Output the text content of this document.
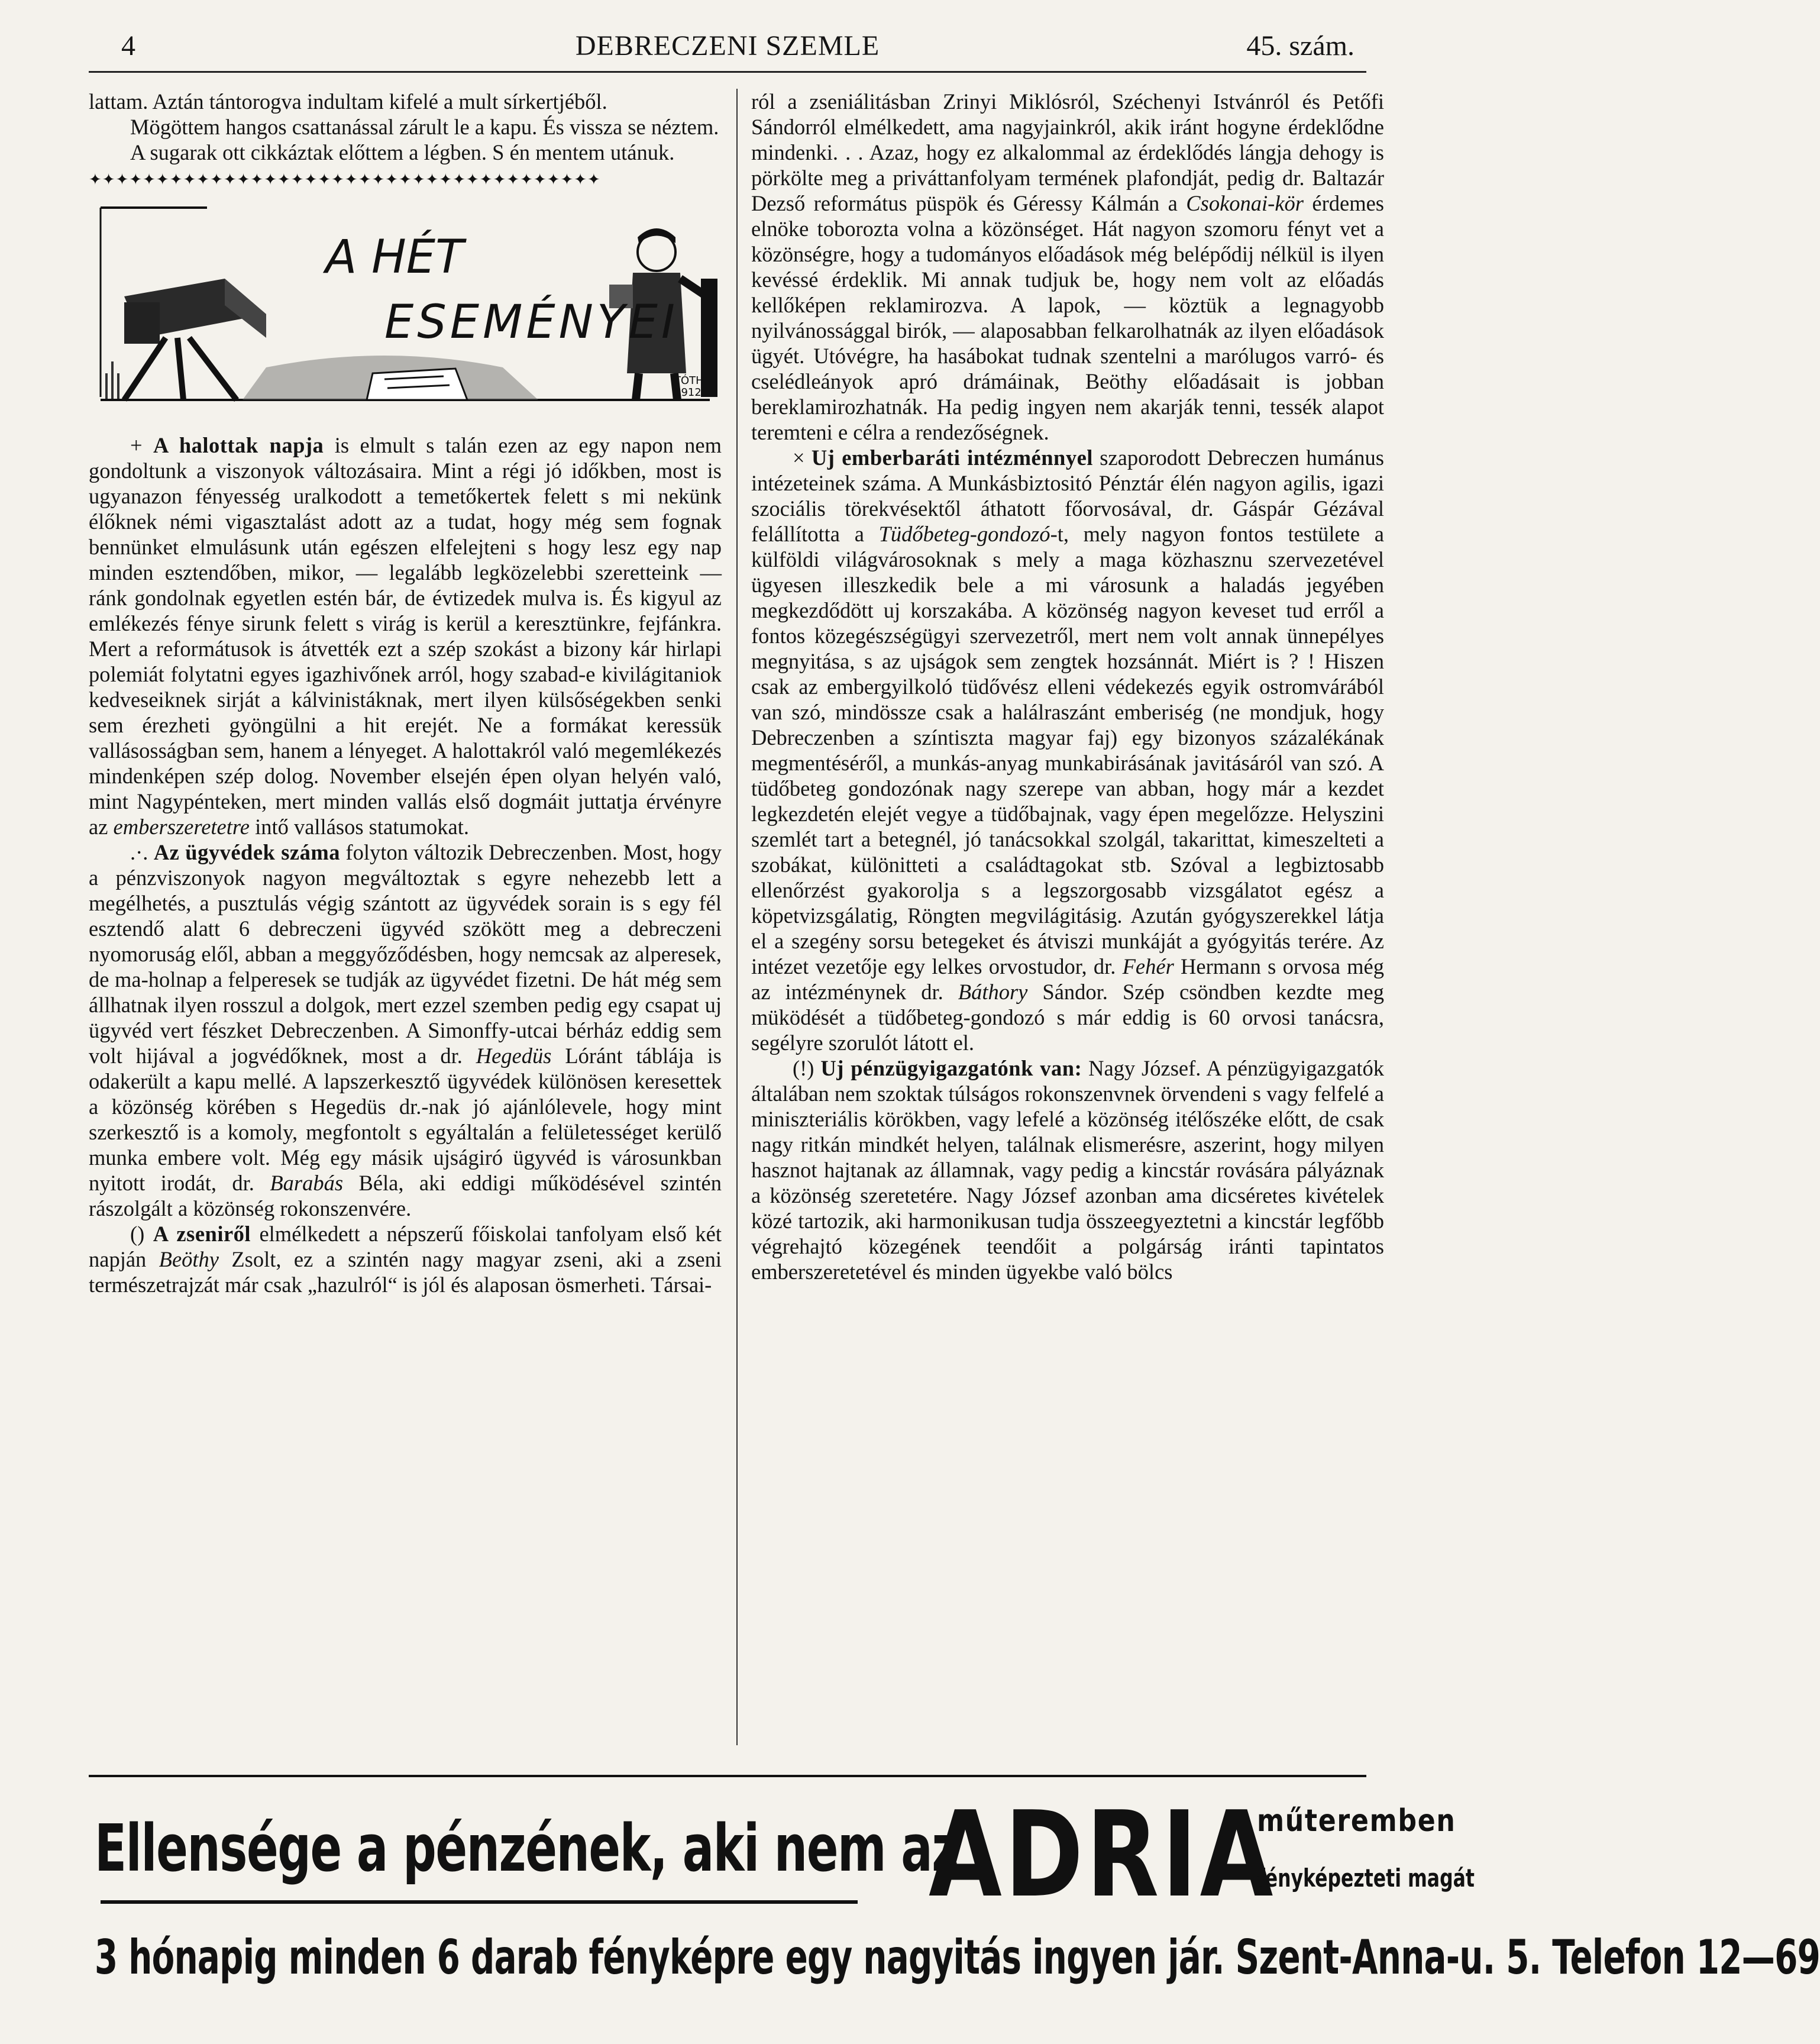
4	DEBRECZENI SZEMLE	45. szám.

lattam. Aztán tántorogva indultam kifelé a mult sírkertjéből.

Mögöttem hangos csattanással zárult le a kapu. És vissza se néztem.

A sugarak ott cikkáztak előttem a légben. S én mentem utánuk.

✦✦✦✦✦✦✦✦✦✦✦✦✦✦✦✦✦✦✦✦✦✦✦✦✦✦✦✦✦✦✦✦✦✦✦✦✦✦
A HÉT
ESEMÉNYEI
TÓTH
1912.

+ A halottak napja is elmult s talán ezen az egy napon nem gondoltunk a viszonyok változásaira. Mint a régi jó időkben, most is ugyanazon fényesség uralkodott a temetőkertek felett s mi nekünk élőknek némi vigasztalást adott az a tudat, hogy még sem fognak bennünket elmulásunk után egészen elfelejteni s hogy lesz egy nap minden esztendőben, mikor, — legalább legközelebbi szeretteink — ránk gondolnak egyetlen estén bár, de évtizedek mulva is. És kigyul az emlékezés fénye sirunk felett s virág is kerül a keresztünkre, fejfánkra. Mert a reformátusok is átvették ezt a szép szokást a bizony kár hirlapi polemiát folytatni egyes igazhivőnek arról, hogy szabad-e kivilágitaniok kedveseiknek sirját a kálvinistáknak, mert ilyen külsőségekben senki sem érezheti gyöngülni a hit erejét. Ne a formákat keressük vallásosságban sem, hanem a lényeget. A halottakról való megemlékezés mindenképen szép dolog. November elsején épen olyan helyén való, mint Nagypénteken, mert minden vallás első dogmáit juttatja érvényre az emberszeretetre intő vallásos statumokat.

.·. Az ügyvédek száma folyton változik Debreczenben. Most, hogy a pénzviszonyok nagyon megváltoztak s egyre nehezebb lett a megélhetés, a pusztulás végig szántott az ügyvédek sorain is s egy fél esztendő alatt 6 debreczeni ügyvéd szökött meg a debreczeni nyomoruság elől, abban a meggyőződésben, hogy nemcsak az alperesek, de ma-holnap a felperesek se tudják az ügyvédet fizetni. De hát még sem állhatnak ilyen rosszul a dolgok, mert ezzel szemben pedig egy csapat uj ügyvéd vert fészket Debreczenben. A Simonffy-utcai bérház eddig sem volt hijával a jogvédőknek, most a dr. Hegedüs Lóránt táblája is odakerült a kapu mellé. A lapszerkesztő ügyvédek különösen keresettek a közönség körében s Hegedüs dr.-nak jó ajánlólevele, hogy mint szerkesztő is a komoly, megfontolt s egyáltalán a felületességet kerülő munka embere volt. Még egy másik ujságiró ügyvéd is városunkban nyitott irodát, dr. Barabás Béla, aki eddigi működésével szintén rászolgált a közönség rokonszenvére.

() A zseniről elmélkedett a népszerű főiskolai tanfolyam első két napján Beöthy Zsolt, ez a szintén nagy magyar zseni, aki a zseni természetrajzát már csak „hazulról“ is jól és alaposan ösmerheti. Társai-

ról a zseniálitásban Zrinyi Miklósról, Széchenyi Istvánról és Petőfi Sándorról elmélkedett, ama nagyjainkról, akik iránt hogyne érdeklődne mindenki. . . Azaz, hogy ez alkalommal az érdeklődés lángja dehogy is pörkölte meg a priváttanfolyam termének plafondját, pedig dr. Baltazár Dezső református püspök és Géressy Kálmán a Csokonai-kör érdemes elnöke toborozta volna a közönséget. Hát nagyon szomoru fényt vet a közönségre, hogy a tudományos előadások még belépődij nélkül is ilyen kevéssé érdeklik. Mi annak tudjuk be, hogy nem volt az előadás kellőképen reklamirozva. A lapok, — köztük a legnagyobb nyilvánossággal birók, — alaposabban felkarolhatnák az ilyen előadások ügyét. Utóvégre, ha hasábokat tudnak szentelni a marólugos varró- és cselédleányok apró drámáinak, Beöthy előadásait is jobban bereklamirozhatnák. Ha pedig ingyen nem akarják tenni, tessék alapot teremteni e célra a rendezőségnek.

× Uj emberbaráti intézménnyel szaporodott Debreczen humánus intézeteinek száma. A Munkásbiztositó Pénztár élén nagyon agilis, igazi szociális törekvésektől áthatott főorvosával, dr. Gáspár Gézával felállította a Tüdőbeteg-gondozó-t, mely nagyon fontos testülete a külföldi világvárosoknak s mely a maga közhasznu szervezetével ügyesen illeszkedik bele a mi városunk a haladás jegyében megkezdődött uj korszakába. A közönség nagyon keveset tud erről a fontos közegészségügyi szervezetről, mert nem volt annak ünnepélyes megnyitása, s az ujságok sem zengtek hozsánnát. Miért is ? ! Hiszen csak az embergyilkoló tüdővész elleni védekezés egyik ostromvárából van szó, mindössze csak a halálraszánt emberiség (ne mondjuk, hogy Debreczenben a színtiszta magyar faj) egy bizonyos százalékának megmentéséről, a munkás-anyag munkabirásának javitásáról van szó. A tüdőbeteg gondozónak nagy szerepe van abban, hogy már a kezdet legkezdetén elejét vegye a tüdőbajnak, vagy épen megelőzze. Helyszini szemlét tart a betegnél, jó tanácsokkal szolgál, takarittat, kimeszelteti a szobákat, különitteti a családtagokat stb. Szóval a legbiztosabb ellenőrzést gyakorolja s a legszorgosabb vizsgálatot egész a köpetvizsgálatig, Röngten megvilágitásig. Azután gyógyszerekkel látja el a szegény sorsu betegeket és átviszi munkáját a gyógyitás terére. Az intézet vezetője egy lelkes orvostudor, dr. Fehér Hermann s orvosa még az intézménynek dr. Báthory Sándor. Szép csöndben kezdte meg müködését a tüdőbeteg-gondozó s már eddig is 60 orvosi tanácsra, segélyre szorulót látott el.

(!) Uj pénzügyigazgatónk van: Nagy József. A pénzügyigazgatók általában nem szoktak túlságos rokonszenvnek örvendeni s vagy felfelé a miniszteriális körökben, vagy lefelé a közönség itélőszéke előtt, de csak nagy ritkán mindkét helyen, találnak elismerésre, aszerint, hogy milyen hasznot hajtanak az államnak, vagy pedig a kincstár rovására pályáznak a közönség szeretetére. Nagy József azonban ama dicséretes kivételek közé tartozik, aki harmonikusan tudja összeegyeztetni a kincstár legfőbb végrehajtó közegének teendőit a polgárság iránti tapintatos emberszeretetével és minden ügyekbe való bölcs

Ellensége a pénzének, aki nem az
ADRIA
műteremben
fényképezteti magát
3 hónapig minden 6 darab fényképre egy nagyitás ingyen jár. Szent-Anna-u. 5. Telefon 12—69
